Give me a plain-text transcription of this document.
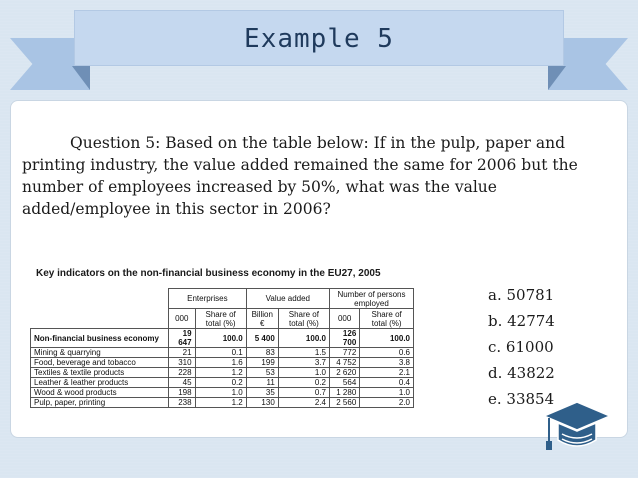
Example 5
Question 5: Based on the table below: If in the pulp, paper and printing industry, the value added remained the same for 2006 but the number of employees increased by 50%, what was the value added/employee in this sector in 2006?
Key indicators on the non-financial business economy in the EU27, 2005
	Enterprises		Value added		Number of persons employed	
	000	Share of total (%)	Billion €	Share of total (%)	000	Share of total (%)
Non-financial business economy	19 647	100.0	5 400	100.0	126 700	100.0
Mining & quarrying	21	0.1	83	1.5	772	0.6
Food, beverage and tobacco	310	1.6	199	3.7	4 752	3.8
Textiles & textile products	228	1.2	53	1.0	2 620	2.1
Leather & leather products	45	0.2	11	0.2	564	0.4
Wood & wood products	198	1.0	35	0.7	1 280	1.0
Pulp, paper, printing	238	1.2	130	2.4	2 560	2.0
a. 50781
b. 42774
c. 61000
d. 43822
e. 33854
